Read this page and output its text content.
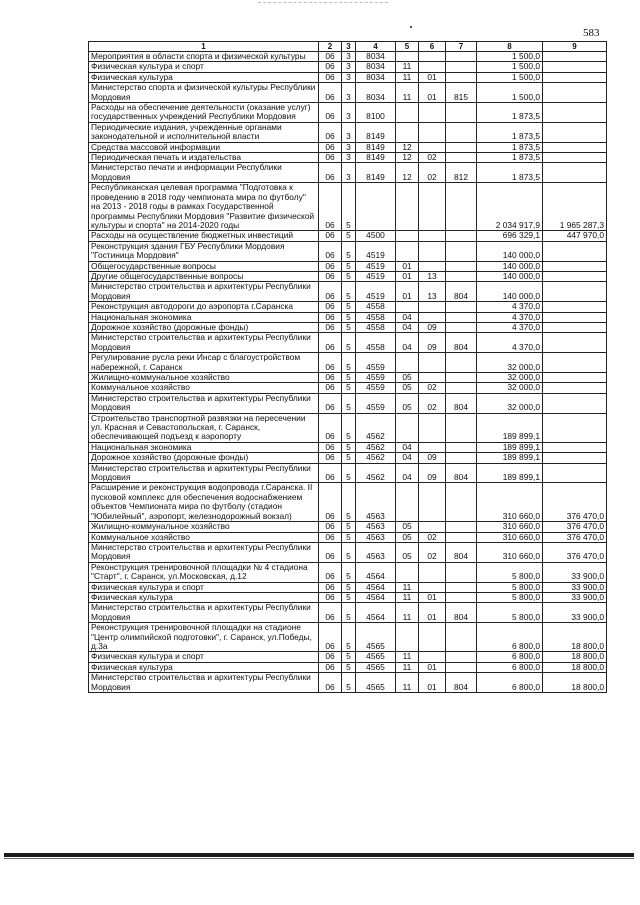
583
1	2	3	4	5	6	7	8	9
Мероприятия в области спорта и физической культуры	06	3	8034				1 500,0	
Физическая культура и спорт	06	3	8034	11			1 500,0	
Физическая культура	06	3	8034	11	01		1 500,0	
Министерство спорта и физической культуры Республики Мордовия	06	3	8034	11	01	815	1 500,0	
Расходы на обеспечение деятельности (оказание услуг) государственных учреждений Республики Мордовия	06	3	8100				1 873,5	
Периодические издания, учрежденные органами законодательной и исполнительной власти	06	3	8149				1 873,5	
Средства массовой информации	06	3	8149	12			1 873,5	
Периодическая печать и издательства	06	3	8149	12	02		1 873,5	
Министерство печати и информации Республики Мордовия	06	3	8149	12	02	812	1 873,5	
Республиканская целевая программа "Подготовка к проведению в 2018 году чемпионата мира по футболу" на 2013 - 2018 годы в рамках Государственной программы Республики Мордовия "Развитие физической культуры и спорта" на 2014-2020 годы	06	5					2 034 917,9	1 965 287,3
Расходы на осуществление бюджетных инвестиций	06	5	4500				696 329,1	447 970,0
Реконструкция здания ГБУ Республики Мордовия "Гостиница Мордовия"	06	5	4519				140 000,0	
Общегосударственные вопросы	06	5	4519	01			140 000,0	
Другие общегосударственные вопросы	06	5	4519	01	13		140 000,0	
Министерство строительства и архитектуры Республики Мордовия	06	5	4519	01	13	804	140 000,0	
Реконструкция автодороги до аэропорта г.Саранска	06	5	4558				4 370,0	
Национальная экономика	06	5	4558	04			4 370,0	
Дорожное хозяйство (дорожные фонды)	06	5	4558	04	09		4 370,0	
Министерство строительства и архитектуры Республики Мордовия	06	5	4558	04	09	804	4 370,0	
Регулирование русла реки Инсар с благоустройством набережной, г. Саранск	06	5	4559				32 000,0	
Жилищно-коммунальное хозяйство	06	5	4559	05			32 000,0	
Коммунальное хозяйство	06	5	4559	05	02		32 000,0	
Министерство строительства и архитектуры Республики Мордовия	06	5	4559	05	02	804	32 000,0	
Строительство транспортной развязки на пересечении ул. Красная и Севастопольская, г. Саранск, обеспечивающей подъезд к аэропорту	06	5	4562				189 899,1	
Национальная экономика	06	5	4562	04			189 899,1	
Дорожное хозяйство (дорожные фонды)	06	5	4562	04	09		189 899,1	
Министерство строительства и архитектуры Республики Мордовия	06	5	4562	04	09	804	189 899,1	
Расширение и реконструкция водопровода г.Саранска. II пусковой комплекс для обеспечения водоснабжением объектов Чемпионата мира по футболу (стадион "Юбилейный", аэропорт, железнодорожный вокзал)	06	5	4563				310 660,0	376 470,0
Жилищно-коммунальное хозяйство	06	5	4563	05			310 660,0	376 470,0
Коммунальное хозяйство	06	5	4563	05	02		310 660,0	376 470,0
Министерство строительства и архитектуры Республики Мордовия	06	5	4563	05	02	804	310 660,0	376 470,0
Реконструкция тренировочной площадки № 4 стадиона "Старт", г. Саранск, ул.Московская, д.12	06	5	4564				5 800,0	33 900,0
Физическая культура и спорт	06	5	4564	11			5 800,0	33 900,0
Физическая культура	06	5	4564	11	01		5 800,0	33 900,0
Министерство строительства и архитектуры Республики Мордовия	06	5	4564	11	01	804	5 800,0	33 900,0
Реконструкция тренировочной площадки на стадионе "Центр олимпийской подготовки", г. Саранск, ул.Победы, д.3а	06	5	4565				6 800,0	18 800,0
Физическая культура и спорт	06	5	4565	11			6 800,0	18 800,0
Физическая культура	06	5	4565	11	01		6 800,0	18 800,0
Министерство строительства и архитектуры Республики Мордовия	06	5	4565	11	01	804	6 800,0	18 800,0
